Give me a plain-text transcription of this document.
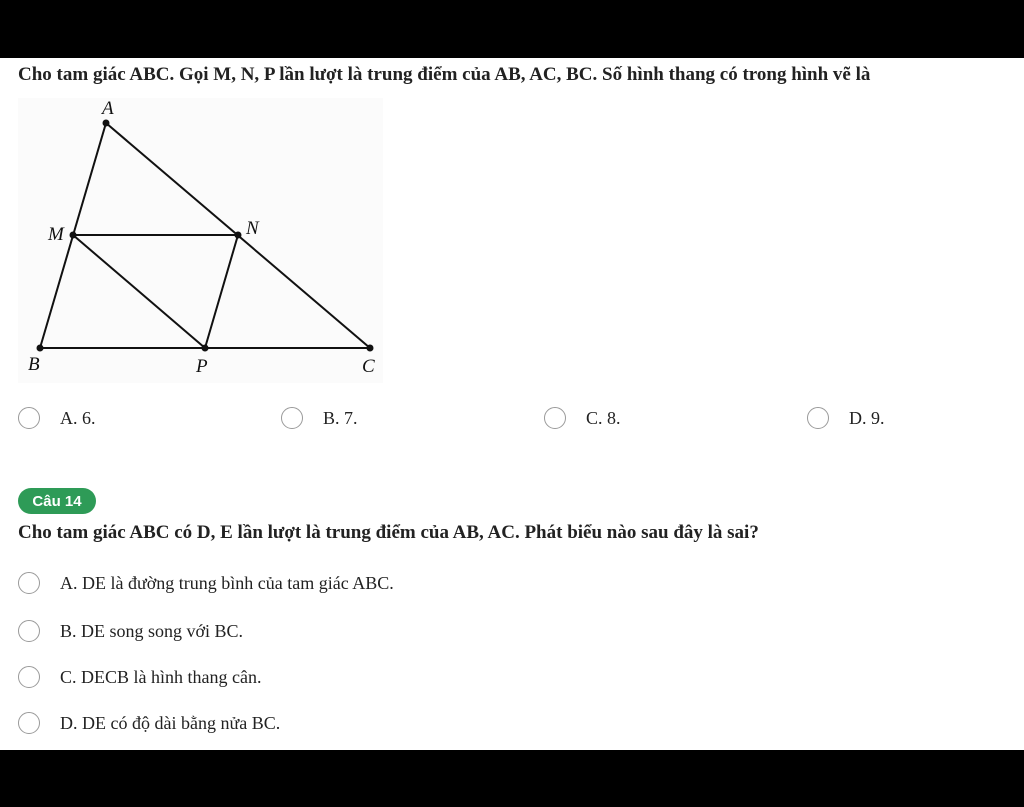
Cho tam giác ABC. Gọi M, N, P lần lượt là trung điểm của AB, AC, BC. Số hình thang có trong hình vẽ là
A
B	C
M	N
P
A. 6.	B. 7.	C. 8.	D. 9.
Câu 14
Cho tam giác ABC có D, E lần lượt là trung điểm của AB, AC. Phát biểu nào sau đây là sai?
A. DE là đường trung bình của tam giác ABC.
B. DE song song với BC.
C. DECB là hình thang cân.
D. DE có độ dài bằng nửa BC.
